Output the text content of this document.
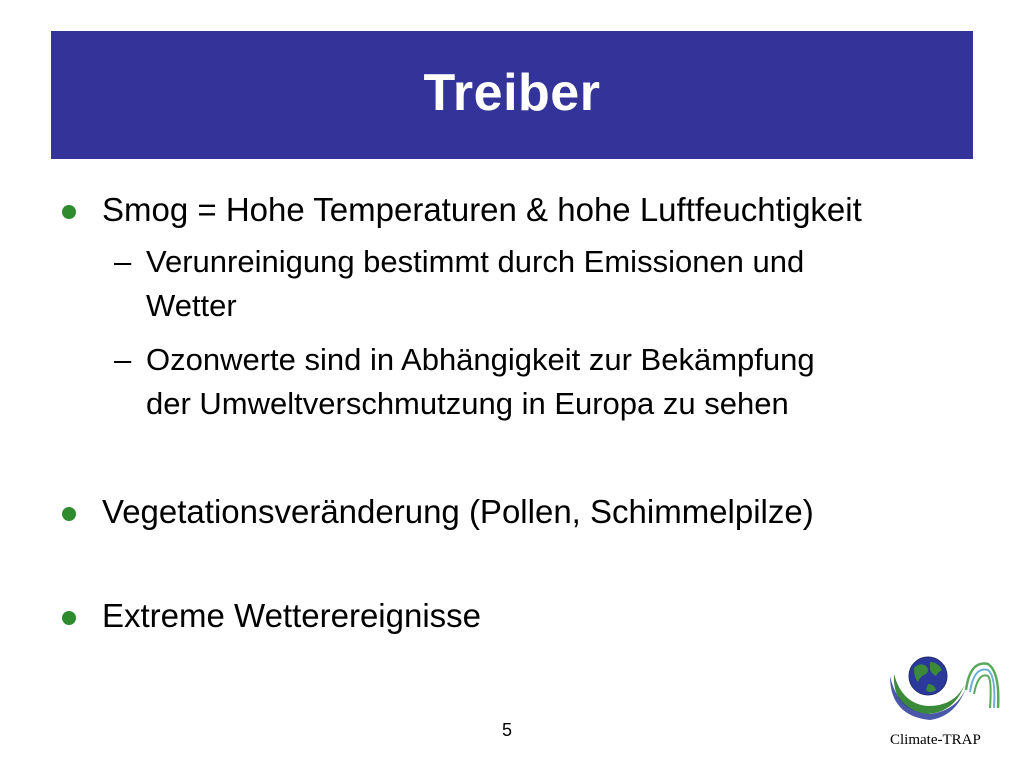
Treiber
Smog = Hohe Temperaturen & hohe Luftfeuchtigkeit
– Verunreinigung bestimmt durch Emissionen und
Wetter
– Ozonwerte sind in Abhängigkeit zur Bekämpfung
der Umweltverschmutzung in Europa zu sehen
Vegetationsveränderung (Pollen, Schimmelpilze)
Extreme Wetterereignisse
5	Climate-TRAP
